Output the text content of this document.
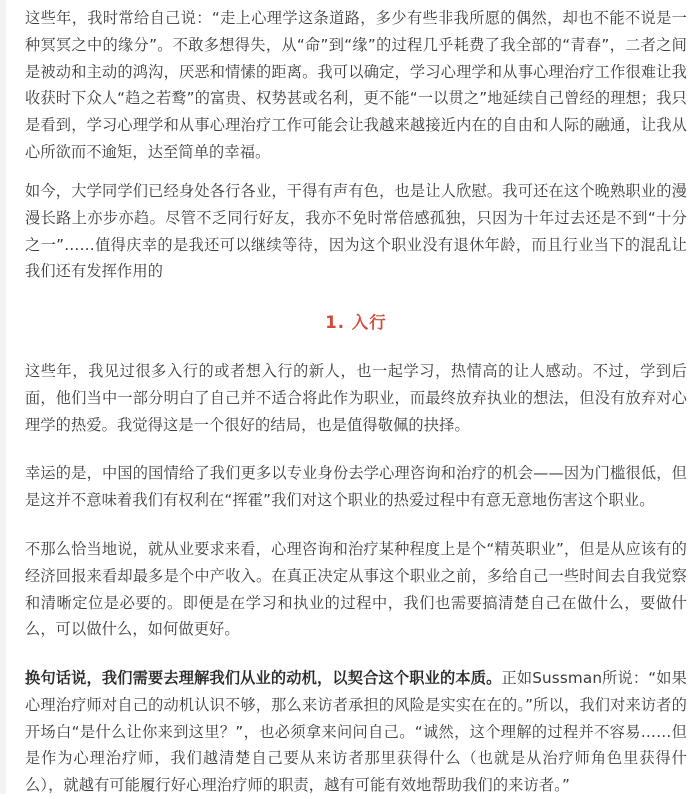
这些年，我时常给自己说：“走上心理学这条道路，多少有些非我所愿的偶然，却也不能不说是一种冥冥之中的缘分”。不敢多想得失，从“命”到“缘”的过程几乎耗费了我全部的“青春”，二者之间是被动和主动的鸿沟，厌恶和情愫的距离。我可以确定，学习心理学和从事心理治疗工作很难让我收获时下众人“趋之若鹜”的富贵、权势甚或名利，更不能“一以贯之”地延续自己曾经的理想；我只是看到，学习心理学和从事心理治疗工作可能会让我越来越接近内在的自由和人际的融通，让我从心所欲而不逾矩，达至简单的幸福。

如今，大学同学们已经身处各行各业，干得有声有色，也是让人欣慰。我可还在这个晚熟职业的漫漫长路上亦步亦趋。尽管不乏同行好友，我亦不免时常倍感孤独，只因为十年过去还是不到“十分之一”……值得庆幸的是我还可以继续等待，因为这个职业没有退休年龄，而且行业当下的混乱让我们还有发挥作用的

1. 入行

这些年，我见过很多入行的或者想入行的新人，也一起学习，热情高的让人感动。不过，学到后面，他们当中一部分明白了自己并不适合将此作为职业，而最终放弃执业的想法，但没有放弃对心理学的热爱。我觉得这是一个很好的结局，也是值得敬佩的抉择。

幸运的是，中国的国情给了我们更多以专业身份去学心理咨询和治疗的机会——因为门槛很低，但是这并不意味着我们有权利在“挥霍”我们对这个职业的热爱过程中有意无意地伤害这个职业。

不那么恰当地说，就从业要求来看，心理咨询和治疗某种程度上是个“精英职业”，但是从应该有的经济回报来看却最多是个中产收入。在真正决定从事这个职业之前，多给自己一些时间去自我觉察和清晰定位是必要的。即便是在学习和执业的过程中，我们也需要搞清楚自己在做什么，要做什么，可以做什么，如何做更好。

换句话说，我们需要去理解我们从业的动机，以契合这个职业的本质。正如Sussman所说：“如果心理治疗师对自己的动机认识不够，那么来访者承担的风险是实实在在的。”所以，我们对来访者的开场白“是什么让你来到这里？”，也必须拿来问问自己。“诚然，这个理解的过程并不容易……但是作为心理治疗师，我们越清楚自己要从来访者那里获得什么（也就是从治疗师角色里获得什么），就越有可能履行好心理治疗师的职责，越有可能有效地帮助我们的来访者。”
